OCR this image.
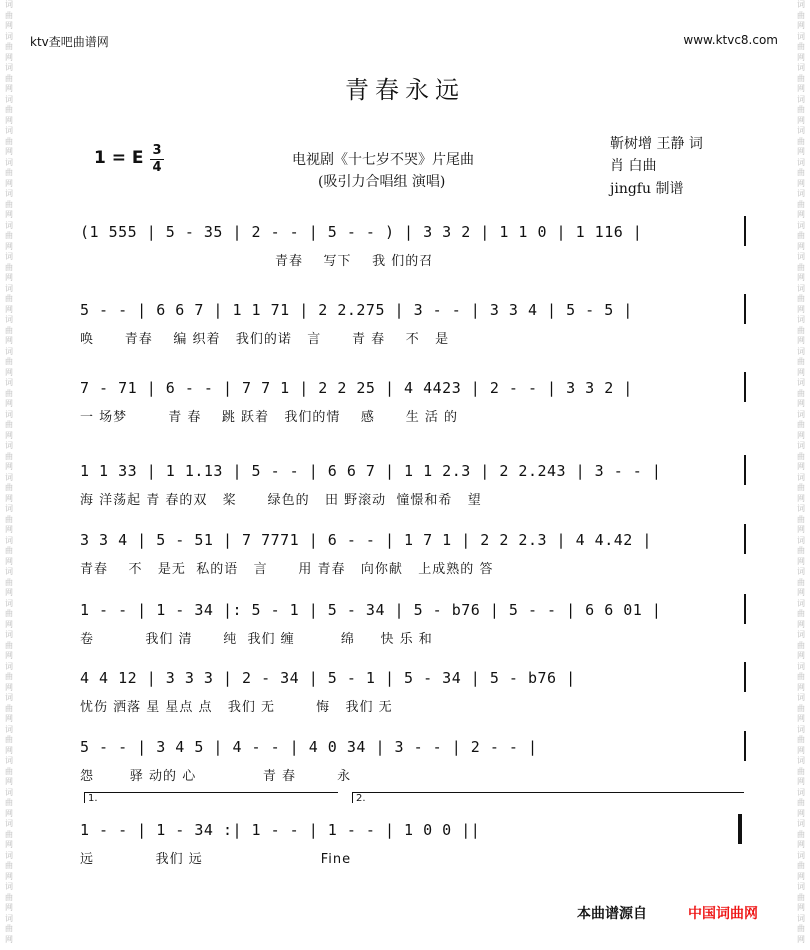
词曲网词曲网词曲网词曲网词曲网词曲网词曲网词曲网词曲网词曲网词曲网词曲网词曲网词曲网词曲网词曲网词曲网词曲网词曲网词曲网词曲网词曲网词曲网词曲网词曲网词曲网词曲网词曲网词曲网词曲网
词曲网词曲网词曲网词曲网词曲网词曲网词曲网词曲网词曲网词曲网词曲网词曲网词曲网词曲网词曲网词曲网词曲网词曲网词曲网词曲网词曲网词曲网词曲网词曲网词曲网词曲网词曲网词曲网词曲网词曲网
ktv查吧曲谱网	www.ktvc8.com
青春永远
1 = E 3
4	电视剧《十七岁不哭》片尾曲
(吸引力合唱组 演唱)
靳树增 王静 词
肖 白曲
jingfu 制谱
(1 555 | 5 - 35 | 2 - - | 5 - - ) | 3 3 2 | 1 1 0 | 1 116 |
青春    写下    我 们的召
5 - - | 6 6 7 | 1 1 71 | 2 2.275 | 3 - - | 3 3 4 | 5 - 5 |
唤      青春    编 织着   我们的诺   言      青 春    不   是
7 - 71 | 6 - - | 7 7 1 | 2 2 25 | 4 4423 | 2 - - | 3 3 2 |
一 场梦        青 春    跳 跃着   我们的情    感      生 活 的
1 1 33 | 1 1.13 | 5 - - | 6 6 7 | 1 1 2.3 | 2 2.243 | 3 - - |
海 洋荡起 青 春的双   桨      绿色的   田 野滚动  憧憬和希   望
3 3 4 | 5 - 51 | 7 7771 | 6 - - | 1 7 1 | 2 2 2.3 | 4 4.42 |
青春    不   是无  私的语   言      用 青春   向你献   上成熟的 答
1 - - | 1 - 34 |: 5 - 1 | 5 - 34 | 5 - b76 | 5 - - | 6 6 01 |
卷          我们 清      纯  我们 缠         绵     快 乐 和
4 4 12 | 3 3 3 | 2 - 34 | 5 - 1 | 5 - 34 | 5 - b76 |
忧伤 洒落 星 星点 点   我们 无        悔   我们 无
5 - - | 3 4 5 | 4 - - | 4 0 34 | 3 - - | 2 - - |
怨       驿 动的 心             青 春        永
1.	2.
1 - - | 1 - 34 :| 1 - - | 1 - - | 1 0 0 ||
远            我们 远                       Fine
本曲谱源自	中国词曲网
